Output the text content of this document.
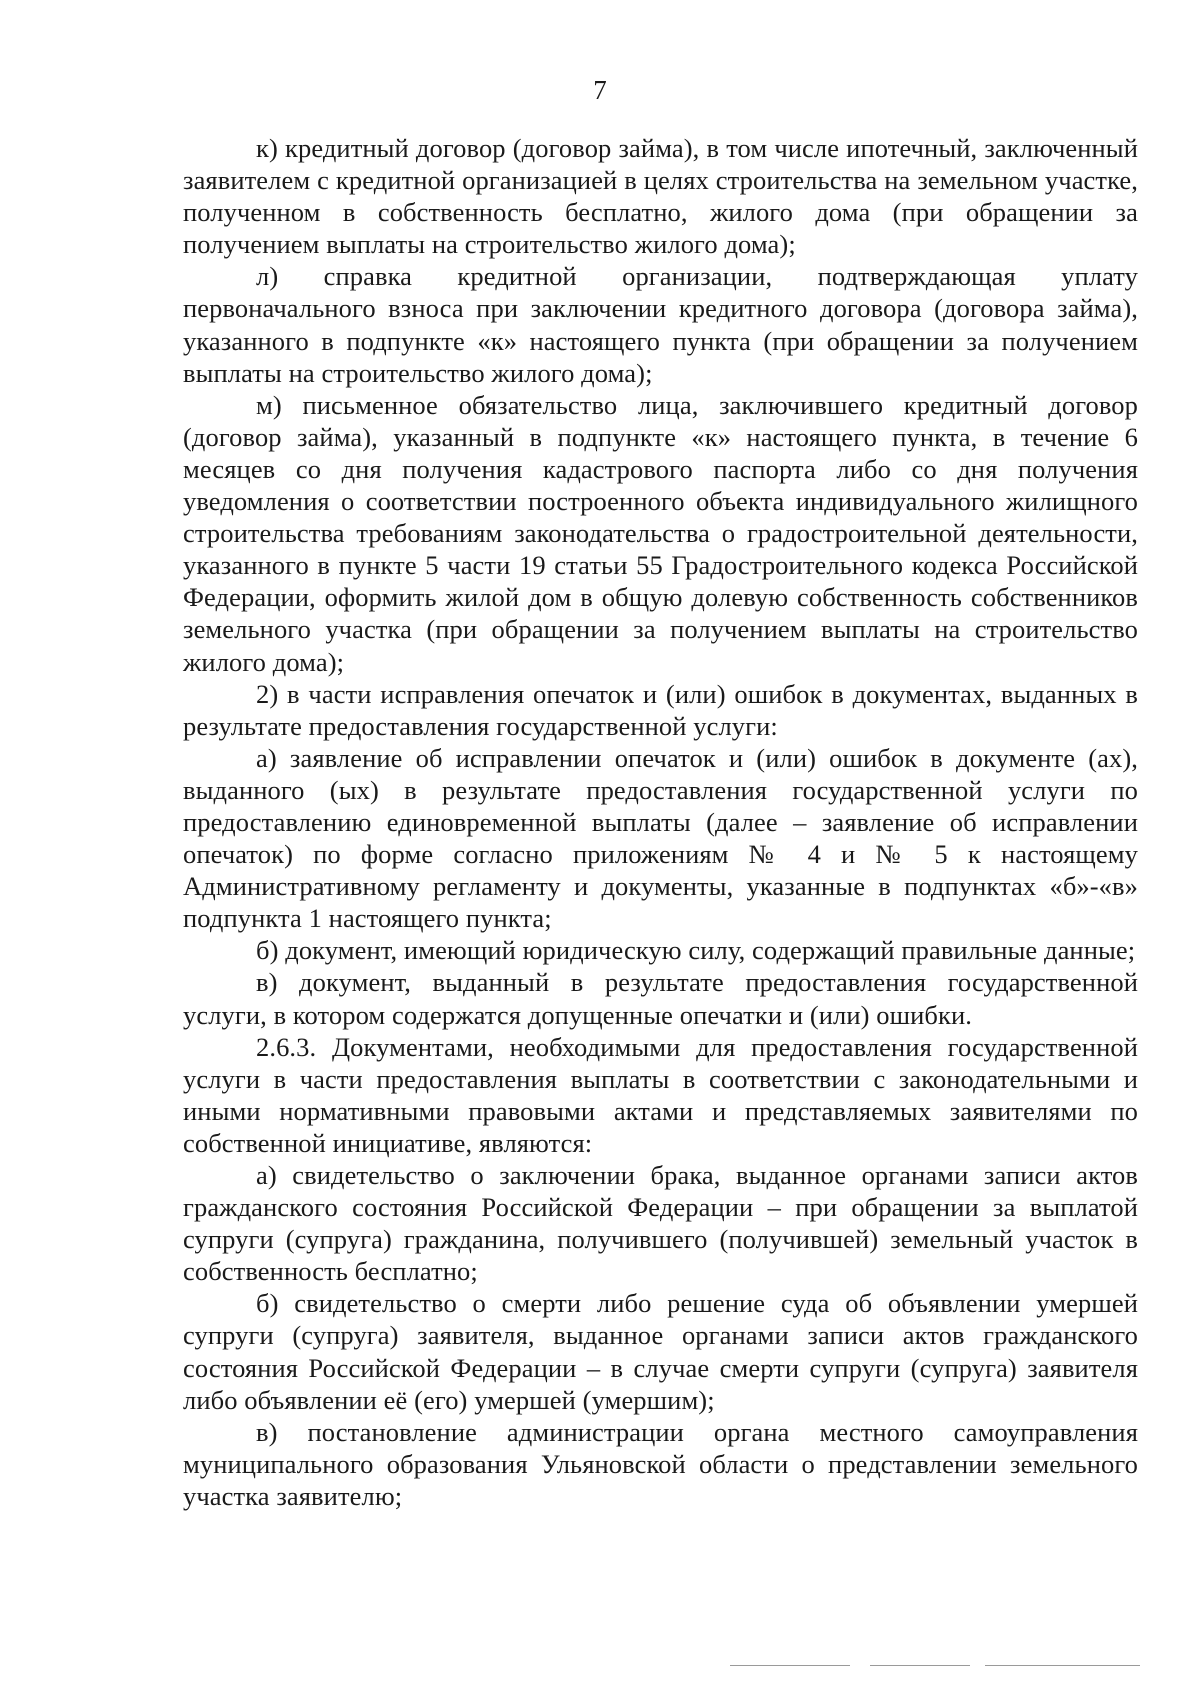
7

к) кредитный договор (договор займа), в том числе ипотечный, заключенный заявителем с кредитной организацией в целях строительства на земельном участке, полученном в собственность бесплатно, жилого дома (при обращении за получением выплаты на строительство жилого дома);

л) справка кредитной организации, подтверждающая уплату первоначального взноса при заключении кредитного договора (договора займа), указанного в подпункте «к» настоящего пункта (при обращении за получением выплаты на строительство жилого дома);

м) письменное обязательство лица, заключившего кредитный договор (договор займа), указанный в подпункте «к» настоящего пункта, в течение 6 месяцев со дня получения кадастрового паспорта либо со дня получения уведомления о соответствии построенного объекта индивидуального жилищного строительства требованиям законодательства о градостроительной деятельности, указанного в пункте 5 части 19 статьи 55 Градостроительного кодекса Российской Федерации, оформить жилой дом в общую долевую собственность собственников земельного участка (при обращении за получением выплаты на строительство жилого дома);

2) в части исправления опечаток и (или) ошибок в документах, выданных в результате предоставления государственной услуги:

а) заявление об исправлении опечаток и (или) ошибок в документе (ах), выданного (ых) в результате предоставления государственной услуги по предоставлению единовременной выплаты (далее – заявление об исправлении опечаток) по форме согласно приложениям № 4 и № 5 к настоящему Административному регламенту и документы, указанные в подпунктах «б»-«в» подпункта 1 настоящего пункта;

б) документ, имеющий юридическую силу, содержащий правильные данные;

в) документ, выданный в результате предоставления государственной услуги, в котором содержатся допущенные опечатки и (или) ошибки.

2.6.3. Документами, необходимыми для предоставления государственной услуги в части предоставления выплаты в соответствии с законодательными и иными нормативными правовыми актами и представляемых заявителями по собственной инициативе, являются:

а) свидетельство о заключении брака, выданное органами записи актов гражданского состояния Российской Федерации – при обращении за выплатой супруги (супруга) гражданина, получившего (получившей) земельный участок в собственность бесплатно;

б) свидетельство о смерти либо решение суда об объявлении умершей супруги (супруга) заявителя, выданное органами записи актов гражданского состояния Российской Федерации – в случае смерти супруги (супруга) заявителя либо объявлении её (его) умершей (умершим);

в) постановление администрации органа местного самоуправления муниципального образования Ульяновской области о представлении земельного участка заявителю;
